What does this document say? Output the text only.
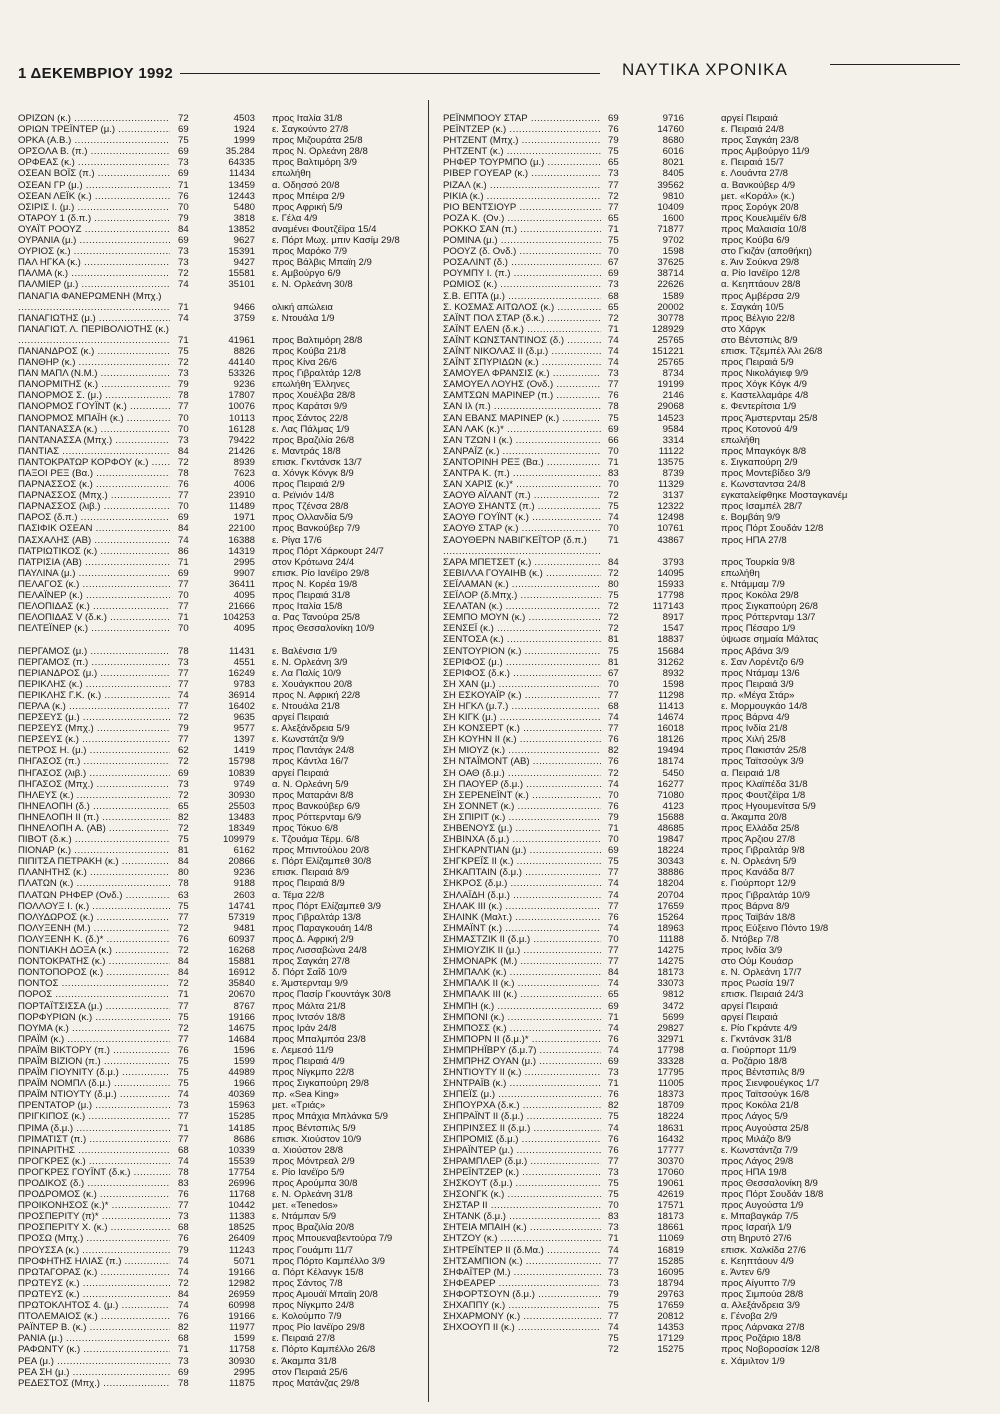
1 ΔΕΚΕΜΒΡΙΟΥ 1992	ΝΑΥΤΙΚΑ ΧΡΟΝΙΚΑ
ΟΡΙΖΩΝ (κ.) .....	72	4503 προς Ιταλία 31/8
ΟΡΙΩΝ ΤΡΕΪΝΤΕΡ (μ.) .....	69	1924 ε. Σαγκούντο 27/8
ΟΡΚΑ (Α.Β.) .....	75	1999 προς Μιζουράτα 25/8
ΟΡΣΟΛΑ Β. (π.) .....	69	35.284 προς Ν. Ορλεάνη 28/8
ΟΡΦΕΑΣ (κ.) .....	73	64335 προς Βαλτιμόρη 3/9
ΟΣΕΑΝ ΒΟΪΣ (π.) .....	69	11434 επωλήθη
ΟΣΕΑΝ ΓΡ (μ.) .....	71	13459 α. Οδησσό 20/8
ΟΣΕΑΝ ΛΕΪΚ (κ.) .....	76	12443 προς Μπέιρα 2/9
ΟΣΙΡΙΣ Ι. (μ.) .....	70	5480 προς Αφρική 5/9
ΟΤΑΡΟΥ 1 (δ.π.) .....	79	3818 ε. Γέλα 4/9
ΟΥΑΪΤ ΡΟΟΥΖ .....	84	13852 αναμένει Φουτζέϊρα 15/4
ΟΥΡΑΝΙΑ (μ.) .....	69	9627 ε. Πόρτ Μωχ. μπιν Κασίμ 29/8
ΟΥΡΙΟΣ (κ.) .....	73	15391 προς Μαρόκο 7/9
ΠΑΛ ΗΓΚΑ (κ.) .....	73	9427 προς Βάλβις Μπαϊη 2/9
ΠΑΛΜΑ (κ.) .....	72	15581 ε. Αμβούργο 6/9
ΠΑΛΜΙΕΡ (μ.) .....	74	35101 ε. Ν. Ορλεάνη 30/8
ΠΑΝΑΓΙΑ ΦΑΝΕΡΩΜΕΝΗ (Μπχ.) .....
71	9466 ολική απώλεια
ΠΑΝΑΓΙΩΤΗΣ (μ.) .....	74	3759 ε. Ντουάλα 1/9
ΠΑΝΑΓΙΩΤ. Λ. ΠΕΡΙΒΟΛΙΟΤΗΣ (κ.) .....
71	41961 προς Βαλτιμόρη 28/8
ΠΑΝΑΝΔΡΟΣ (κ.) .....	75	8826 προς Κούβα 21/8
ΠΑΝΘΗΡ (κ.) .....	72	44140 προς Κίνα 26/6
ΠΑΝ ΜΑΠΛ (Ν.Μ.) .....	73	53326 προς Γιβραλτάρ 12/8
ΠΑΝΟΡΜΙΤΗΣ (κ.) .....	79	9236 επωλήθη Έλληνες
ΠΑΝΟΡΜΟΣ Σ. (μ.) .....	78	17807 προς Χουέλβα 28/8
ΠΑΝΟΡΜΟΣ ΓΟΥΪΝΤ (κ.) .....	77	10076 προς Καράτσι 9/9
ΠΑΝΟΡΜΟΣ ΜΠΑΪΗ (κ.) .....	70	10113 προς Σάντος 22/8
ΠΑΝΤΑΝΑΣΣΑ (κ.) .....	70	16128 ε. Λας Πάλμας 1/9
ΠΑΝΤΑΝΑΣΣΑ (Μπχ.) .....	73	79422 προς Βραζιλία 26/8
ΠΑΝΤΙΑΣ .....	84	21426 ε. Μαντράς 18/8
ΠΑΝΤΟΚΡΑΤΩΡ ΚΟΡΦΟΥ (κ.) .....	72	8939 επισκ. Γκντάνσκ 13/7
ΠΑΞΟΙ ΡΕΞ (Βα.) .....	78	7623 α. Χόνγκ Κόνγκ 8/9
ΠΑΡΝΑΣΣΟΣ (κ.) .....	76	4006 προς Πειραιά 2/9
ΠΑΡΝΑΣΣΟΣ (Μπχ.) .....	77	23910 α. Ρεϊνιόν 14/8
ΠΑΡΝΑΣΣΟΣ (λιβ.) .....	70	11489 προς Τζένσα 28/8
ΠΑΡΟΣ (δ.π.) .....	69	1971 προς Ολλανδία 5/9
ΠΑΣΙΦΙΚ ΟΣΕΑΝ .....	84	22100 προς Βανκούβερ 7/9
ΠΑΣΧΑΛΗΣ (ΑΒ) .....	74	16388 ε. Ρίγα 17/6
ΠΑΤΡΙΩΤΙΚΟΣ (κ.) .....	86	14319 προς Πόρτ Χάρκουρτ 24/7
ΠΑΤΡΙΣΙΑ (ΑΒ) .....	71	2995 στον Κρότωνα 24/4
ΠΑΥΛΙΝΑ (μ.) .....	69	9907 επισκ. Ρίο Ιανέϊρο 29/8
ΠΕΛΑΓΟΣ (κ.) .....	77	36411 προς Ν. Κορέα 19/8
ΠΕΛΑΪΝΕΡ (κ.) .....	70	4095 προς Πειραιά 31/8
ΠΕΛΟΠΙΔΑΣ (κ.) .....	77	21666 προς Ιταλία 15/8
ΠΕΛΟΠΙΔΑΣ V (δ.κ.) .....	71	104253 α. Ρας Τανούρα 25/8
ΠΕΛΤΕΪΝΕΡ (κ.) .....	70	4095 προς Θεσσαλονίκη 10/9
ΠΕΡΓΑΜΟΣ (μ.) .....	78	11431 ε. Βαλένσια 1/9
ΠΕΡΓΑΜΟΣ (π.) .....	73	4551 ε. Ν. Ορλεάνη 3/9
ΠΕΡΙΑΝΔΡΟΣ (μ.) .....	77	16249 ε. Λα Παλίς 10/9
ΠΕΡΙΚΛΗΣ (κ.) .....	77	9783 ε. Χουάγκπου 20/8
ΠΕΡΙΚΛΗΣ Γ.Κ. (κ.) .....	74	36914 προς Ν. Αφρική 22/8
ΠΕΡΛΑ (κ.) .....	77	16402 ε. Ντουάλα 21/8
ΠΕΡΣΕΥΣ (μ.) .....	72	9635 αργεί Πειραιά
ΠΕΡΣΕΥΣ (Μπχ.) .....	79	9577 ε. Αλεξάνδρεια 5/9
ΠΕΡΣΕΥΣ (κ.) .....	77	1397 ε. Κωνστάτζα 9/9
ΠΕΤΡΟΣ Η. (μ.) .....	62	1419 προς Παντάγκ 24/8
ΠΗΓΑΣΟΣ (π.) .....	72	15798 προς Κάντλα 16/7
ΠΗΓΑΣΟΣ (λιβ.) .....	69	10839 αργεί Πειραιά
ΠΗΓΑΣΟΣ (Μπχ.) .....	73	9749 α. Ν. Ορλεάνη 5/9
ΠΗΛΕΥΣ (κ.) .....	72	30930 προς Ματαράνι 8/8
ΠΗΝΕΛΟΠΗ (δ.) .....	65	25503 προς Βανκούβερ 6/9
ΠΗΝΕΛΟΠΗ ΙΙ (π.) .....	82	13483 προς Ρόττερνταμ 6/9
ΠΗΝΕΛΟΠΗ Α. (ΑΒ) .....	72	18349 προς Τόκυο 6/8
ΠΙΒΟΤ (δ.κ.) .....	75	109979 ε. Τζουάμα Τέρμ. 6/8
ΠΙΟΝΑΡ (κ.) .....	81	6162 προς Μπιντούλου 20/8
ΠΙΠΙΤΣΑ ΠΕΤΡΑΚΗ (κ.) .....	84	20866 ε. Πόρτ Ελίζαμπεθ 30/8
ΠΛΑΝΗΤΗΣ (κ.) .....	80	9236 επισκ. Πειραιά 8/9
ΠΛΑΤΩΝ (κ.) .....	78	9188 προς Πειραιά 8/9
ΠΛΑΤΩΝ ΡΗΦΕΡ (Ονδ.) .....	63	2603 α. Τέμα 22/8
ΠΟΛΛΟΥΞ Ι. (κ.) .....	75	14741 προς Πόρτ Ελίζαμπεθ 3/9
ΠΟΛΥΔΩΡΟΣ (κ.) .....	77	57319 προς Γιβραλτάρ 13/8
ΠΟΛΥΞΕΝΗ (Μ.) .....	72	9481 προς Παραγκουάη 14/8
ΠΟΛΥΞΕΝΗ Κ. (δ.)* .....	76	60937 προς Δ. Αφρική 2/9
ΠΟΝΤΙΑΚΗ ΔΟΞΑ (κ.) .....	72	16268 προς Λισσαβώνα 24/8
ΠΟΝΤΟΚΡΑΤΗΣ (κ.) .....	84	15881 προς Σαγκάη 27/8
ΠΟΝΤΟΠΟΡΟΣ (κ.) .....	84	16912 δ. Πόρτ Σαΐδ 10/9
ΠΟΝΤΟΣ .....	72	35840 ε. Άμστερνταμ 9/9
ΠΟΡΟΣ .....	71	20670 προς Πασίρ Γκουντάγκ 30/8
ΠΟΡΤΑΪΤΣΙΣΣΑ (μ.) .....	77	8767 προς Μάλτα 21/8
ΠΟΡΦΥΡΙΩΝ (κ.) .....	75	19166 προς Ιντσόν 18/8
ΠΟΥΜΑ (κ.) .....	72	14675 προς Ιράν 24/8
ΠΡΑΪΜ (κ.) .....	77	14684 προς Μπαλμπόα 23/8
ΠΡΑΪΜ ΒΙΚΤΟΡΥ (π.) .....	76	1596 ε. Λεμεσό 11/9
ΠΡΑΪΜ ΒΙΖΙΟΝ (π.) .....	75	1599 προς Πειραιά 4/9
ΠΡΑΪΜ ΓΙΟΥΝΙΤΥ (δ.μ.) .....	75	44989 προς Νίγκμπο 22/8
ΠΡΑΪΜ ΝΟΜΠΛ (δ.μ.) .....	75	1966 προς Σιγκαπούρη 29/8
ΠΡΑΪΜ ΝΤΙΟΥΤΥ (δ.μ.) .....	74	40369 πρ. «Sea King»
ΠΡΕΝΤΑΤΟΡ (μ.) .....	73	15963 μετ. «Τριάς»
ΠΡΙΓΚΙΠΟΣ (κ.) .....	77	15285 προς Μπάχια Μπλάνκα 5/9
ΠΡΙΜΑ (δ.μ.) .....	71	14185 προς Βέντσπιλς 5/9
ΠΡΙΜΑΤΙΣΤ (π.) .....	77	8686 επισκ. Χιούστον 10/9
ΠΡΙΝΑΡΙΤΗΣ .....	68	10339 α. Χιούστον 28/8
ΠΡΟΓΚΡΕΣ (κ.) .....	74	15539 προς Μόντρεαλ 2/9
ΠΡΟΓΚΡΕΣ ΓΟΥΪΝΤ (δ.κ.) .....	78	17754 ε. Ρίο Ιανέϊρο 5/9
ΠΡΟΔΙΚΟΣ (δ.) .....	83	26996 προς Αρούμπα 30/8
ΠΡΟΔΡΟΜΟΣ (κ.) .....	76	11768 ε. Ν. Ορλεάνη 31/8
ΠΡΟΙΚΟΝΗΣΟΣ (κ.)* .....	77	10442 μετ. «Tenedos»
ΠΡΟΣΠΕΡΙΤΥ (π)* .....	73	11383 ε. Ντάμπαν 5/9
ΠΡΟΣΠΕΡΙΤΥ Χ. (κ.) .....	68	18525 προς Βραζιλία 20/8
ΠΡΟΣΩ (Μπχ.) .....	76	26409 προς Μπουεναβεντούρα 7/9
ΠΡΟΥΣΣΑ (κ.) .....	79	11243 προς Γουάμπι 11/7
ΠΡΟΦΗΤΗΣ ΗΛΙΑΣ (π.) .....	74	5071 προς Πόρτο Καμπέλλο 3/9
ΠΡΩΤΑΓΟΡΑΣ (κ.) .....	74	19166 α. Πόρτ Κέλανγκ 15/8
ΠΡΩΤΕΥΣ (κ.) .....	72	12982 προς Σάντος 7/8
ΠΡΩΤΕΥΣ (κ.) .....	84	26959 προς Αμουάϊ Μπαϊη 20/8
ΠΡΩΤΟΚΛΗΤΟΣ 4. (μ.) .....	74	60998 προς Νίγκμπο 24/8
ΠΤΟΛΕΜΑΙΟΣ (κ.) .....	76	19166 ε. Κολούμπο 7/9
ΡΑΪΝΤΕΡ Β. (κ.) .....	82	11977 προς Ρίο Ιανέϊρο 29/8
ΡΑΝΙΑ (μ.) .....	68	1599 ε. Πειραιά 27/8
ΡΑΦΩΝΤΥ (κ.) .....	71	11758 ε. Πόρτο Καμπέλλο 26/8
ΡΕΑ (μ.) .....	73	30930 ε. Άκαμπα 31/8
ΡΕΑ ΣΗ (μ.) .....	69	2995 στον Πειραιά 25/6
ΡΕΔΕΣΤΟΣ (Μπχ.) .....	78	11875 προς Ματάνζας 29/8
ΡΕΪΝΜΠΟΟΥ ΣΤΑΡ .....	69	9716	αργεί Πειραιά
ΡΕΪΝΤΖΕΡ (κ.) .....	76	14760	ε. Πειραιά 24/8
ΡΗΤΖΕΝΤ (Μπχ.) .....	79	8680	προς Σαγκάη 23/8
ΡΗΤΖΕΝΤ (κ.) .....	75	6016	προς Αμβούργο 11/9
ΡΗΦΕΡ ΤΟΥΡΜΠΟ (μ.) .....	65	8021	ε. Πειραιά 15/7
ΡΙΒΕΡ ΓΟΥΕΑΡ (κ.) .....	73	8405	ε. Λουάντα 27/8
ΡΙΖΑΛ (κ.) .....	77	39562	α. Βανκούβερ 4/9
ΡΙΚΙΑ (κ.) .....	72	9810	μετ. «Κοράλ» (κ.)
ΡΙΟ ΒΕΝΤΣΙΟΥΡ .....	77	10409	προς Σορόγκ 20/8
ΡΟΖΑ Κ. (Ον.) .....	65	1600	προς Κουελιμέϊν 6/8
ΡΟΚΚΟ ΣΑΝ (π.) .....	71	71877	προς Μαλαισία 10/8
ΡΟΜΙΝΑ (μ.) .....	75	9702	προς Κούβα 6/9
ΡΟΟΥΖ (δ. Ονδ.) .....	70	1598	στο Γκιζάν (αποθήκη)
ΡΟΣΑΛΙΝΤ (δ.) .....	67	37625	ε. Άιν Σούκνα 29/8
ΡΟΥΜΠΥ Ι. (π.) .....	69	38714	α. Ρίο Ιανέϊρο 12/8
ΡΩΜΙΟΣ (κ.) .....	73	22626	α. Κεηπτάουν 28/8
Σ.Β. ΕΠΤΑ (μ.) .....	68	1589	προς Αμβέρσα 2/9
Σ. ΚΟΣΜΑΣ ΑΙΤΩΛΟΣ (κ.) .....	65	20002	ε. Σαγκάη 10/5
ΣΑΪΝΤ ΠΟΛ ΣΤΑΡ (δ.κ.) .....	72	30778	προς Βέλγιο 22/8
ΣΑΪΝΤ ΕΛΕΝ (δ.κ.) .....	71	128929	στο Χάργκ
ΣΑΪΝΤ ΚΩΝΣΤΑΝΤΙΝΟΣ (δ.) .....	74	25765	στο Βέντσπιλς 8/9
ΣΑΪΝΤ ΝΙΚΟΛΑΣ ΙΙ (δ.μ.) .....	74	151221	επισκ. Τζεμπέλ Άλι 26/8
ΣΑΪΝΤ ΣΠΥΡΙΔΩΝ (κ.) .....	74	25765	προς Πειραιά 5/9
ΣΑΜΟΥΕΛ ΦΡΑΝΣΙΣ (κ.) .....	73	8734	προς Νικολάγιεφ 9/9
ΣΑΜΟΥΕΛ ΛΟΥΗΣ (Ονδ.) .....	77	19199	προς Χόγκ Κόγκ 4/9
ΣΑΜΤΣΩΝ ΜΑΡΙΝΕΡ (π.) .....	76	2146	ε. Καστελλαμάρε 4/8
ΣΑΝ Ιλ (π.) .....	78	29068	ε. Φεντερίτσια 1/9
ΣΑΝ ΕΒΑΝΣ ΜΑΡΙΝΕΡ (κ.) .....	75	14523	προς Άμστερνταμ 25/8
ΣΑΝ ΛΑΚ (κ.)* .....	69	9584	προς Κοτονού 4/9
ΣΑΝ ΤΖΩΝ Ι (κ.) .....	66	3314	επωλήθη
ΣΑΝΡΑΪΖ (κ.) .....	70	11122	προς Μπαγκόγκ 8/8
ΣΑΝΤΟΡΙΝΗ ΡΕΞ (Βα.) .....	71	13575	ε. Σιγκαπούρη 2/9
ΣΑΝΤΡΑ Κ. (π.) .....	83	8739	προς Μοντεβίδεο 3/9
ΣΑΝ ΧΑΡΙΣ (κ.)* .....	70	11329	ε. Κωνσταντσα 24/8
ΣΑΟΥΘ ΑΪΛΑΝΤ (π.) .....	72	3137	εγκαταλείφθηκε Μοσταγκανέμ
ΣΑΟΥΘ ΣΗΑΝΤΣ (π.) .....	75	12322	προς Ισαμπέλ 28/7
ΣΑΟΥΘ ΓΟΥΪΝΤ (κ.) .....	74	12498	ε. Βομβάη 9/9
ΣΑΟΥΘ ΣΤΑΡ (κ.) .....	70	10761	προς Πόρτ Σουδάν 12/8
ΣΑΟΥΘΕΡΝ ΝΑΒΙΓΚΕΪΤΟΡ (δ.π.) .....	71	43867	προς ΗΠΑ 27/8
ΣΑΡΑ ΜΠΕΤΣΕΤ (κ.) .....	84	3793	προς Τουρκία 9/8
ΣΕΒΙΛΛΑ ΓΟΥΑΙΗΒ (κ.) .....	72	14095	επωλήθη
ΣΕΪΛΑΜΑΝ (κ.) .....	80	15933	ε. Ντάμμαμ 7/9
ΣΕΪΛΟΡ (δ.Μπχ.) .....	75	17798	προς Κοκόλα 29/8
ΣΕΛΑΤΑΝ (κ.) .....	72	117143	προς Σιγκαπούρη 26/8
ΣΕΜΠΟ ΜΟΥΝ (κ.) .....	72	8917	προς Ρόττερνταμ 13/7
ΣΕΝΣΕΪ (κ.) .....	72	1547	προς Πέσαρο 1/9
ΣΕΝΤΟΣΑ (κ.) .....	81	18837	ύψωσε σημαία Μάλτας
ΣΕΝΤΟΥΡΙΟΝ (κ.) .....	75	15684	προς Αβάνα 3/9
ΣΕΡΙΦΟΣ (μ.) .....	81	31262	ε. Σαν Λορέντζο 6/9
ΣΕΡΙΦΟΣ (δ.κ.) .....	67	8932	προς Ντάμαμ 13/6
ΣΗ ΧΑΝ (μ.) .....	70	1598	προς Πειραιά 3/9
ΣΗ ΕΣΚΟΥΑΪΡ (κ.) .....	77	11298	πρ. «Μέγα Στάρ»
ΣΗ ΗΓΚΛ (μ.7.) .....	68	11413	ε. Μορμουγκάο 14/8
ΣΗ ΚΙΓΚ (μ.) .....	74	14674	προς Βάρνα 4/9
ΣΗ ΚΟΝΣΕΡΤ (κ.) .....	77	16018	προς Ινδία 21/8
ΣΗ ΚΟΥΗΝ ΙΙ (κ.) .....	76	18126	προς Χιλή 25/8
ΣΗ ΜΙΟΥΖ (κ.) .....	82	19494	προς Πακιστάν 25/8
ΣΗ ΝΤΑΪΜΟΝΤ (ΑΒ) .....	76	18174	προς Ταϊτσούγκ 3/9
ΣΗ ΟΑΘ (δ.μ.) .....	72	5450	α. Πειραιά 1/8
ΣΗ ΠΑΟΥΕΡ (δ.μ.) .....	74	16277	προς Κλαϊπέδα 31/8
ΣΗ ΣΕΡΕΝΕΪΝΤ (κ.) .....	70	71080	προς Φουτζέϊρα 1/8
ΣΗ ΣΟΝΝΕΤ (κ.) .....	76	4123	προς Ηγουμενίτσα 5/9
ΣΗ ΣΠΙΡΙΤ (κ.) .....	79	15688	α. Άκαμπα 20/8
ΣΗΒΕΝΟΥΣ (μ.) .....	71	48685	προς Ελλάδα 25/8
ΣΗΒΙΝΧΑ (δ.μ.) .....	70	19847	προς Άρζιου 27/8
ΣΗΓΚΑΡΝΤΙΑΝ (μ.) .....	69	18224	προς Γιβραλτάρ 9/8
ΣΗΓΚΡΕΪΣ ΙΙ (κ.) .....	75	30343	ε. Ν. Ορλεάνη 5/9
ΣΗΚΑΠΤΑΙΝ (δ.μ.) .....	77	38886	προς Κανάδα 8/7
ΣΗΚΡΟΣ (δ.μ.) .....	74	18204	ε. Γιούρπορτ 12/9
ΣΗΛΑΪΔΗ (δ.μ.) .....	74	20704	προς Γιβραλτάρ 10/9
ΣΗΛΑΚ ΙΙΙ (κ.) .....	77	17659	προς Βάρνα 8/9
ΣΗΛΙΝΚ (Μαλτ.) .....	76	15264	προς Ταϊβάν 18/8
ΣΗΜΑΪΝΤ (κ.) .....	74	18963	προς Εύξεινο Πόντο 19/8
ΣΗΜΑΣΤΖΙΚ ΙΙ (δ.μ.) .....	70	11188	δ. Ντόβερ 7/8
ΣΗΜΙΟΥΖΙΚ ΙΙ (μ.) .....	77	14275	προς Ινδία 3/9
ΣΗΜΟΝΑΡΚ (Μ.) .....	77	14275	στο Ούμ Κουάσρ
ΣΗΜΠΑΛΚ (κ.) .....	84	18173	ε. Ν. Ορλεάνη 17/7
ΣΗΜΠΑΛΚ ΙΙ (κ.) .....	74	33073	προς Ρωσία 19/7
ΣΗΜΠΑΛΚ ΙΙΙ (κ.) .....	65	9812	επισκ. Πειραιά 24/3
ΣΗΜΠΗ (κ.) .....	69	3472	αργεί Πειραιά
ΣΗΜΠΟΝΙ (κ.) .....	71	5699	αργεί Πειραιά
ΣΗΜΠΟΣΣ (κ.) .....	74	29827	ε. Ρίο Γκράντε 4/9
ΣΗΜΠΟΡΝ ΙΙ (δ.μ.)* .....	76	32971	ε. Γκντάνσκ 31/8
ΣΗΜΠΡΗΪΒΡΥ (δ.μ.7) .....	74	17798	α. Γιούρπορτ 11/9
ΣΗΜΠΡΗΖ ΟΥΑΝ (μ.) .....	69	33328	α. Ροζάριο 18/8
ΣΗΝΤΙΟΥΤΥ ΙΙ (κ.) .....	73	17795	προς Βέντσπιλς 8/9
ΣΗΝΤΡΑΪΒ (κ.) .....	71	11005	προς Σιενφουέγκος 1/7
ΣΗΠΕΪΣ (μ.) .....	76	18373	προς Ταϊτσούγκ 16/8
ΣΗΠΟΥΡΧΑ (δ.κ.) .....	82	18709	προς Κοκόλα 21/8
ΣΗΠΡΑΪΝΤ ΙΙ (δ.μ.) .....	75	18224	προς Λάγος 5/9
ΣΗΠΡΙΝΣΕΣ ΙΙ (δ.μ.) .....	74	18631	προς Αυγούστα 25/8
ΣΗΠΡΟΜΙΣ (δ.μ.) .....	76	16432	προς Μιλάζο 8/9
ΣΗΡΑΪΝΤΕΡ (μ.) .....	76	17777	ε. Κωνστάντζα 7/9
ΣΗΡΑΜΠΛΕΡ (δ.μ.) .....	77	30370	προς Λάγος 29/8
ΣΗΡΕΪΝΤΖΕΡ (κ.) .....	73	17060	προς ΗΠΑ 19/8
ΣΗΣΚΟΥΤ (δ.μ.) .....	75	19061	προς Θεσσαλονίκη 8/9
ΣΗΣΟΝΓΚ (κ.) .....	75	42619	προς Πόρτ Σουδάν 18/8
ΣΗΣΤΑΡ ΙΙ .....	70	17571	προς Αυγούστα 1/9
ΣΗΤΑΝΚ (δ.μ.) .....	83	18173	ε. Μπαβαγκάρ 7/5
ΣΗΤΕΙΑ ΜΠΑΙΗ (κ.) .....	73	18661	προς Ισραήλ 1/9
ΣΗΤΖΟΥ (κ.) .....	71	11069	στη Βηρυτό 27/6
ΣΗΤΡΕΪΝΤΕΡ ΙΙ (δ.Μα.) .....	74	16819	επισκ. Χαλκίδα 27/6
ΣΗΤΣΑΜΠΙΟΝ (κ.) .....	77	15285	ε. Κεηπτάουν 4/9
ΣΗΦΑΪΤΕΡ (Μ.) .....	73	16095	ε. Άντεν 6/9
ΣΗΦΕΑΡΕΡ .....	73	18794	προς Αίγυπτο 7/9
ΣΗΦΟΡΤΣΟΥΝ (δ.μ.) .....	79	29763	προς Σιμπούα 28/8
ΣΗΧΑΠΠΥ (κ.) .....	75	17659	α. Αλεξάνδρεια 3/9
ΣΗΧΑΡΜΟΝΥ (κ.) .....	77	20812	ε. Γένοβα 2/9
ΣΗΧΟΟΥΠ ΙΙ (κ.) .....	74	14353	προς Λάρνακα 27/8
75	17129	προς Ροζάριο 18/8
72	15275	προς Νοβοροσίσκ 12/8
ε. Χάμιλτον 1/9
